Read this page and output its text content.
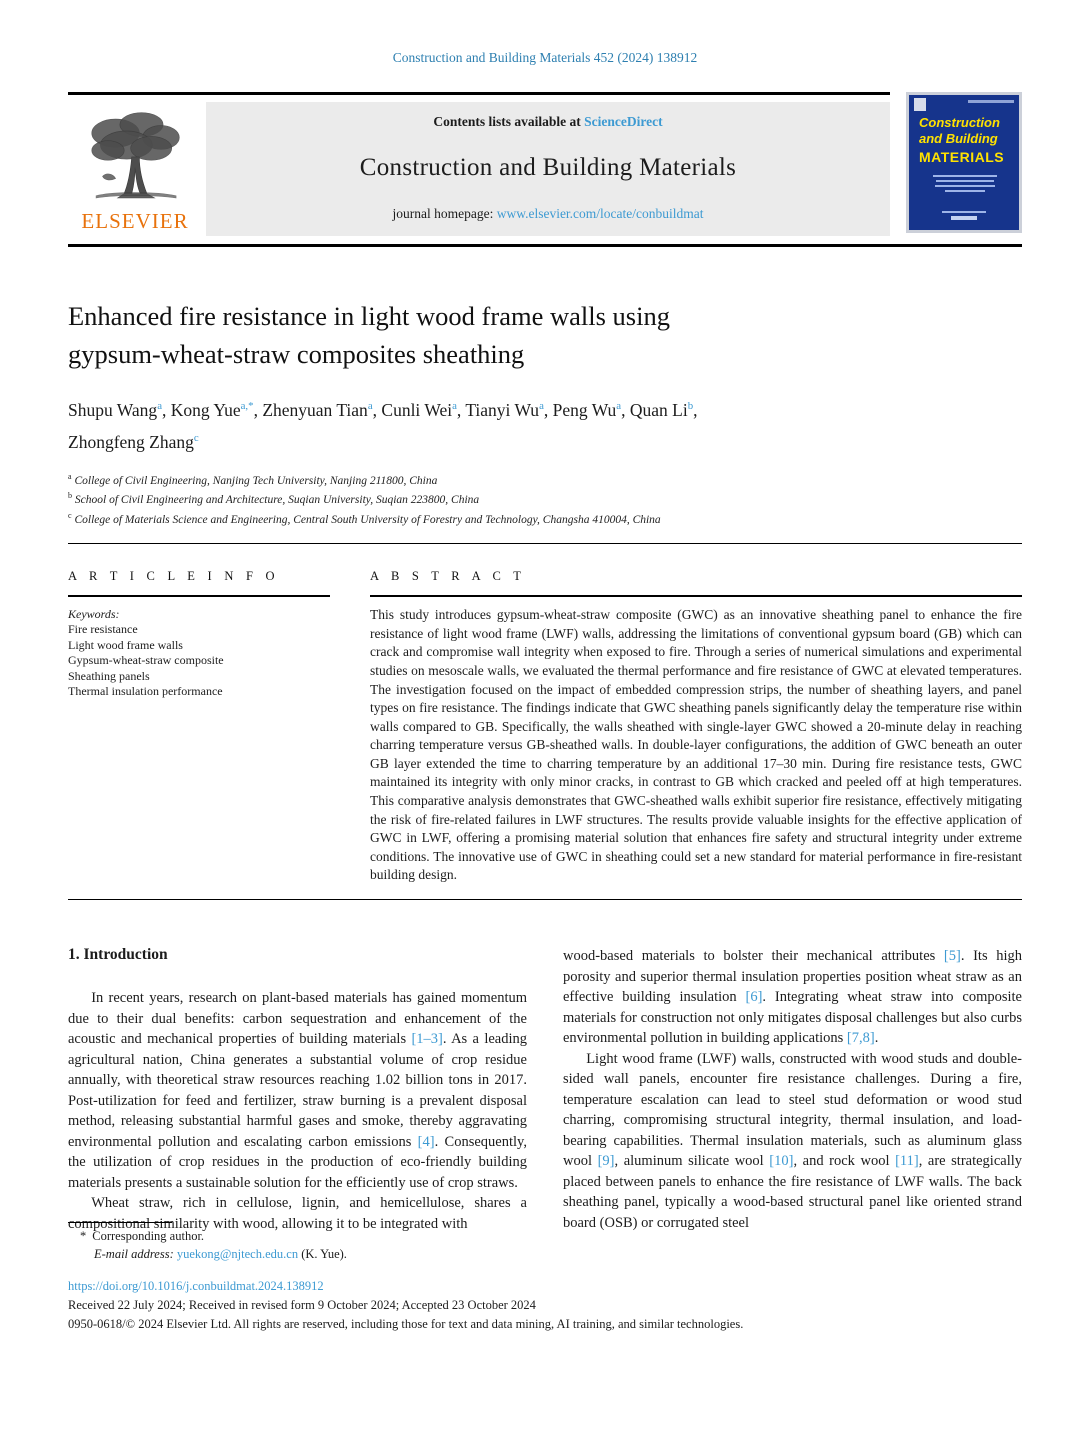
Construction and Building Materials 452 (2024) 138912
ELSEVIER
Contents lists available at ScienceDirect
Construction and Building Materials
journal homepage: www.elsevier.com/locate/conbuildmat
Construction
and Building
MATERIALS
Enhanced fire resistance in light wood frame walls using
gypsum-wheat-straw composites sheathing
Shupu Wang$^a$, Kong Yue$^{a,*}$, Zhenyuan Tian$^a$, Cunli Wei$^a$, Tianyi Wu$^a$, Peng Wu$^a$, Quan Li$^b$,
Zhongfeng Zhang$^c$
$^a$ College of Civil Engineering, Nanjing Tech University, Nanjing 211800, China
$^b$ School of Civil Engineering and Architecture, Suqian University, Suqian 223800, China
$^c$ College of Materials Science and Engineering, Central South University of Forestry and Technology, Changsha 410004, China
A R T I C L E I N F O
Keywords:
Fire resistance
Light wood frame walls
Gypsum-wheat-straw composite
Sheathing panels
Thermal insulation performance
A B S T R A C T
This study introduces gypsum-wheat-straw composite (GWC) as an innovative sheathing panel to enhance the fire resistance of light wood frame (LWF) walls, addressing the limitations of conventional gypsum board (GB) which can crack and compromise wall integrity when exposed to fire. Through a series of numerical simulations and experimental studies on mesoscale walls, we evaluated the thermal performance and fire resistance of GWC at elevated temperatures. The investigation focused on the impact of embedded compression strips, the number of sheathing layers, and panel types on fire resistance. The findings indicate that GWC sheathing panels significantly delay the temperature rise within walls compared to GB. Specifically, the walls sheathed with single-layer GWC showed a 20-minute delay in reaching charring temperature versus GB-sheathed walls. In double-layer configurations, the addition of GWC beneath an outer GB layer extended the time to charring temperature by an additional 17–30 min. During fire resistance tests, GWC maintained its integrity with only minor cracks, in contrast to GB which cracked and peeled off at high temperatures. This comparative analysis demonstrates that GWC-sheathed walls exhibit superior fire resistance, effectively mitigating the risk of fire-related failures in LWF structures. The results provide valuable insights for the effective application of GWC in LWF, offering a promising material solution that enhances fire safety and structural integrity under extreme conditions. The innovative use of GWC in sheathing could set a new standard for material performance in fire-resistant building design.
1. Introduction

In recent years, research on plant-based materials has gained momentum due to their dual benefits: carbon sequestration and enhancement of the acoustic and mechanical properties of building materials [1–3]. As a leading agricultural nation, China generates a substantial volume of crop residue annually, with theoretical straw resources reaching 1.02 billion tons in 2017. Post-utilization for feed and fertilizer, straw burning is a prevalent disposal method, releasing substantial harmful gases and smoke, thereby aggravating environmental pollution and escalating carbon emissions [4]. Consequently, the utilization of crop residues in the production of eco-friendly building materials presents a sustainable solution for the efficiently use of crop straws.

Wheat straw, rich in cellulose, lignin, and hemicellulose, shares a compositional similarity with wood, allowing it to be integrated with

wood-based materials to bolster their mechanical attributes [5]. Its high porosity and superior thermal insulation properties position wheat straw as an effective building insulation [6]. Integrating wheat straw into composite materials for construction not only mitigates disposal challenges but also curbs environmental pollution in building applications [7,8].

Light wood frame (LWF) walls, constructed with wood studs and double-sided wall panels, encounter fire resistance challenges. During a fire, temperature escalation can lead to steel stud deformation or wood stud charring, compromising structural integrity, thermal insulation, and load-bearing capabilities. Thermal insulation materials, such as aluminum glass wool [9], aluminum silicate wool [10], and rock wool [11], are strategically placed between panels to enhance the fire resistance of LWF walls. The back sheathing panel, typically a wood-based structural panel like oriented strand board (OSB) or corrugated steel

* Corresponding author.
E-mail address: yuekong@njtech.edu.cn (K. Yue).
https://doi.org/10.1016/j.conbuildmat.2024.138912
Received 22 July 2024; Received in revised form 9 October 2024; Accepted 23 October 2024
0950-0618/© 2024 Elsevier Ltd. All rights are reserved, including those for text and data mining, AI training, and similar technologies.
